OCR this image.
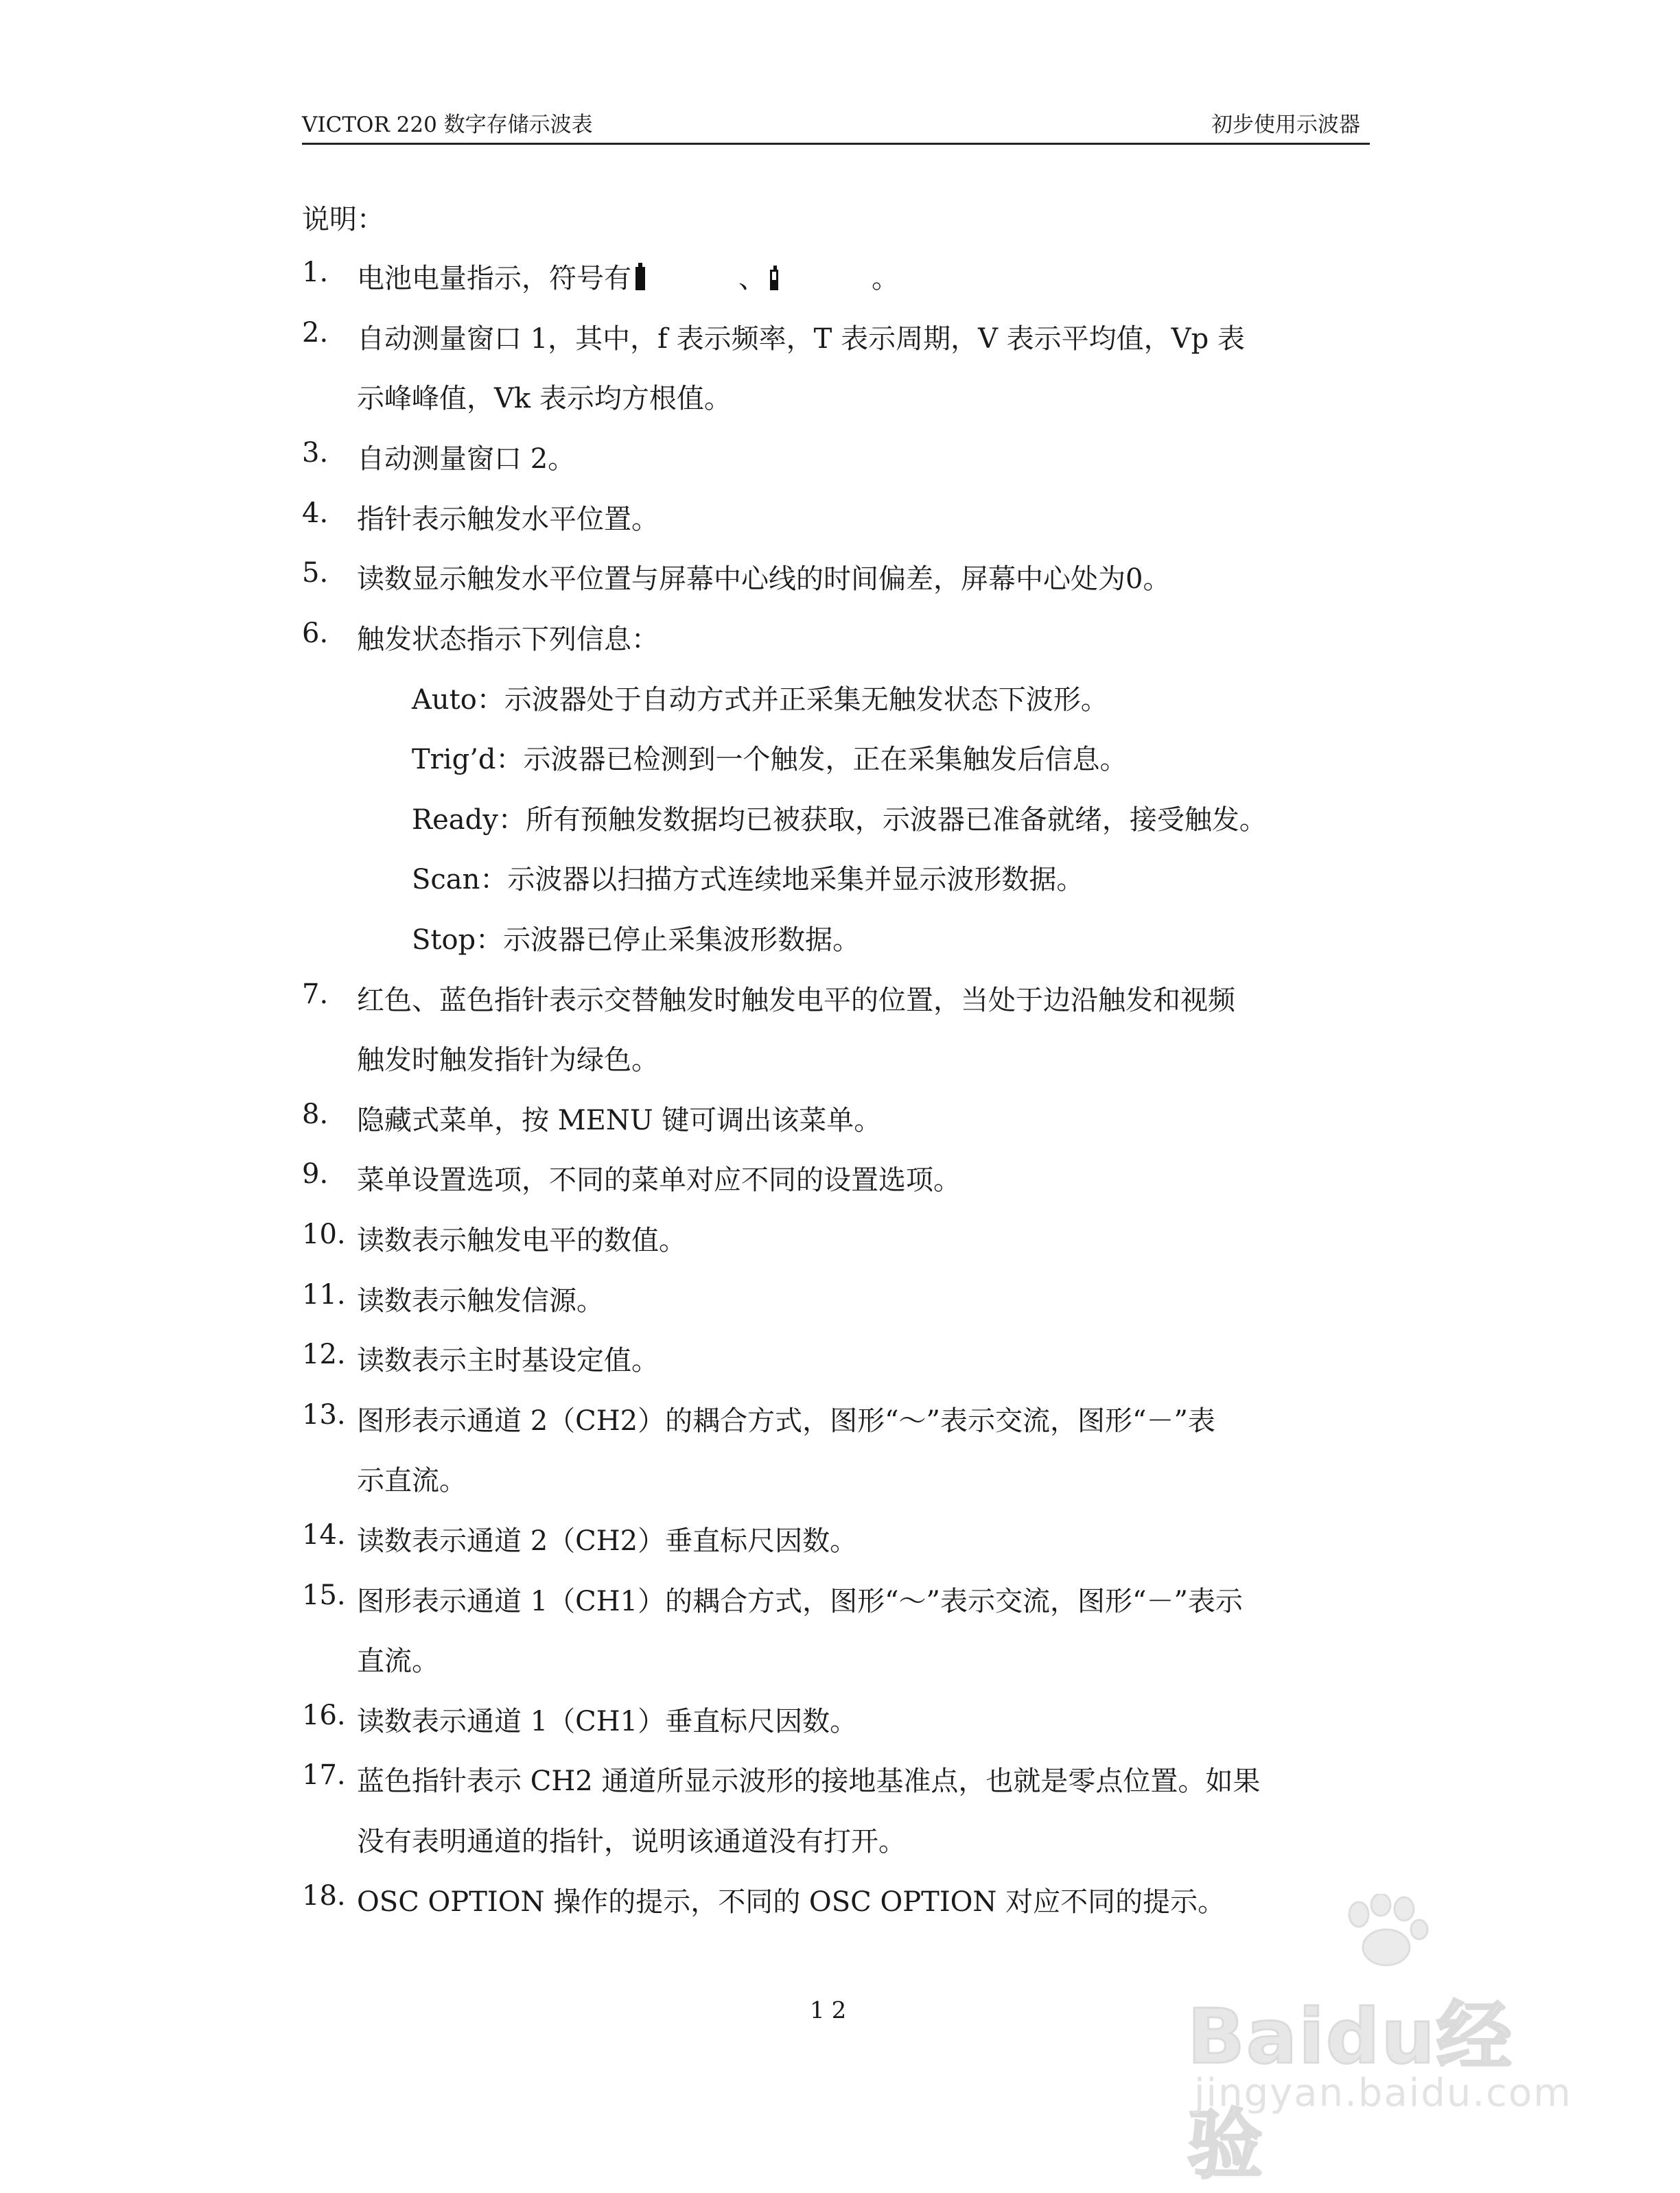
VICTOR 220 数字存储示波表	初步使用示波器
说明：
1.	电池电量指示，符号有	、	。
2.	自动测量窗口 1，其中，f 表示频率，T 表示周期，V 表示平均值，Vp 表
示峰峰值，Vk 表示均方根值。
3.	自动测量窗口 2。
4.	指针表示触发水平位置。
5.	读数显示触发水平位置与屏幕中心线的时间偏差，屏幕中心处为0。
6.	触发状态指示下列信息：
Auto：示波器处于自动方式并正采集无触发状态下波形。
Trig’d：示波器已检测到一个触发，正在采集触发后信息。
Ready：所有预触发数据均已被获取，示波器已准备就绪，接受触发。
Scan：示波器以扫描方式连续地采集并显示波形数据。
Stop：示波器已停止采集波形数据。
7.	红色、蓝色指针表示交替触发时触发电平的位置，当处于边沿触发和视频
触发时触发指针为绿色。
8.	隐藏式菜单，按 MENU 键可调出该菜单。
9.	菜单设置选项，不同的菜单对应不同的设置选项。
10. 读数表示触发电平的数值。
11. 读数表示触发信源。
12. 读数表示主时基设定值。
13. 图形表示通道 2（CH2）的耦合方式，图形“～”表示交流，图形“－”表
示直流。
14. 读数表示通道 2（CH2）垂直标尺因数。
15. 图形表示通道 1（CH1）的耦合方式，图形“～”表示交流，图形“－”表示
直流。
16. 读数表示通道 1（CH1）垂直标尺因数。
17. 蓝色指针表示 CH2 通道所显示波形的接地基准点，也就是零点位置。如果
没有表明通道的指针，说明该通道没有打开。
18. OSC OPTION 操作的提示，不同的 OSC OPTION 对应不同的提示。
12	Baidu经验
jingyan.baidu.com
